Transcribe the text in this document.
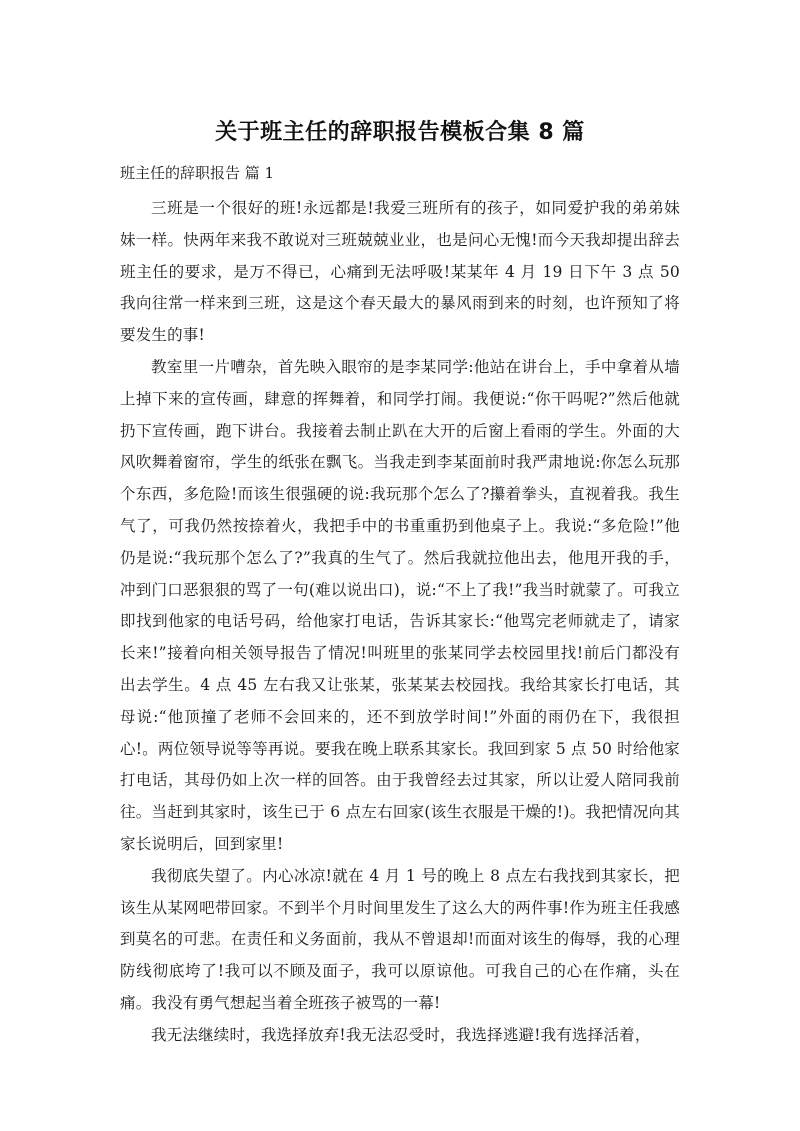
关于班主任的辞职报告模板合集 8 篇
班主任的辞职报告 篇 1

三班是一个很好的班!永远都是!我爱三班所有的孩子，如同爱护我的弟弟妹妹一样。快两年来我不敢说对三班兢兢业业，也是问心无愧!而今天我却提出辞去班主任的要求，是万不得已，心痛到无法呼吸!某某年 4 月 19 日下午 3 点 50 我向往常一样来到三班，这是这个春天最大的暴风雨到来的时刻，也许预知了将要发生的事!

教室里一片嘈杂，首先映入眼帘的是李某同学:他站在讲台上，手中拿着从墙上掉下来的宣传画，肆意的挥舞着，和同学打闹。我便说:“你干吗呢?”然后他就扔下宣传画，跑下讲台。我接着去制止趴在大开的后窗上看雨的学生。外面的大风吹舞着窗帘，学生的纸张在飘飞。当我走到李某面前时我严肃地说:你怎么玩那个东西，多危险!而该生很强硬的说:我玩那个怎么了?攥着拳头，直视着我。我生气了，可我仍然按捺着火，我把手中的书重重扔到他桌子上。我说:“多危险!”他仍是说:“我玩那个怎么了?”我真的生气了。然后我就拉他出去，他甩开我的手，冲到门口恶狠狠的骂了一句(难以说出口)，说:“不上了我!”我当时就蒙了。可我立即找到他家的电话号码，给他家打电话，告诉其家长:“他骂完老师就走了，请家长来!”接着向相关领导报告了情况!叫班里的张某同学去校园里找!前后门都没有出去学生。4 点 45 左右我又让张某，张某某去校园找。我给其家长打电话，其母说:“他顶撞了老师不会回来的，还不到放学时间!”外面的雨仍在下，我很担心!。两位领导说等等再说。要我在晚上联系其家长。我回到家 5 点 50 时给他家打电话，其母仍如上次一样的回答。由于我曾经去过其家，所以让爱人陪同我前往。当赶到其家时，该生已于 6 点左右回家(该生衣服是干燥的!)。我把情况向其家长说明后，回到家里!

我彻底失望了。内心冰凉!就在 4 月 1 号的晚上 8 点左右我找到其家长，把该生从某网吧带回家。不到半个月时间里发生了这么大的两件事!作为班主任我感到莫名的可悲。在责任和义务面前，我从不曾退却!而面对该生的侮辱，我的心理防线彻底垮了!我可以不顾及面子，我可以原谅他。可我自己的心在作痛，头在痛。我没有勇气想起当着全班孩子被骂的一幕!

我无法继续时，我选择放弃!我无法忍受时，我选择逃避!我有选择活着，
